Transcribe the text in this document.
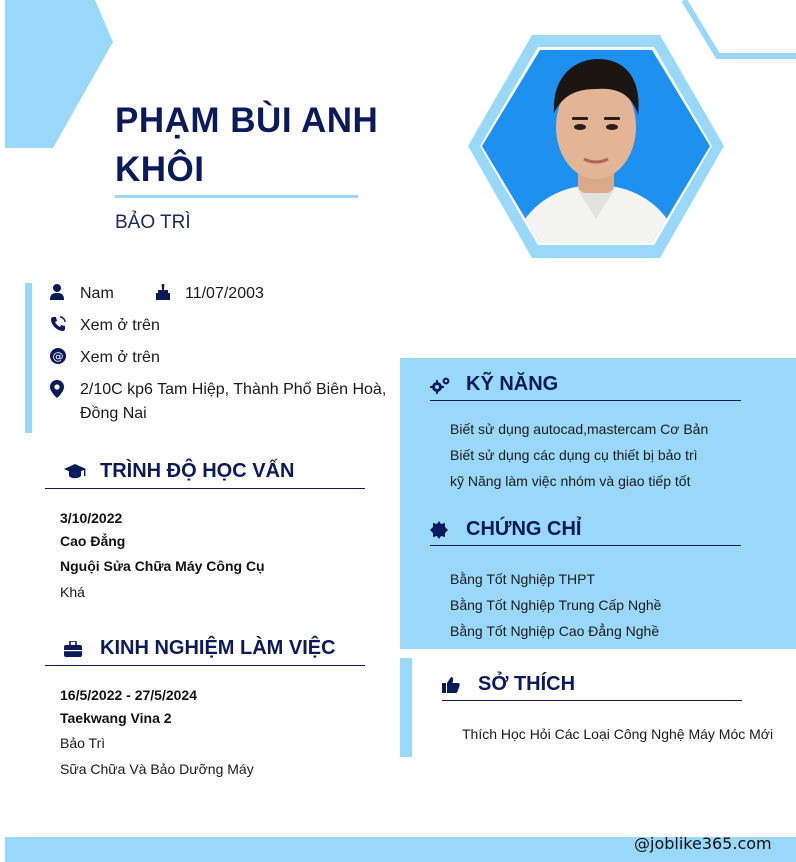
PHẠM BÙI ANH
KHÔI
BẢO TRÌ
Nam	11/07/2003
Xem ở trên
@ Xem ở trên
2/10C kp6 Tam Hiệp, Thành Phố Biên Hoà,
Đồng Nai
TRÌNH ĐỘ HỌC VẤN
3/10/2022
Cao Đẳng
Nguội Sửa Chữa Máy Công Cụ
Khá
KINH NGHIỆM LÀM VIỆC
16/5/2022 - 27/5/2024
Taekwang Vina 2
Bảo Trì
Sữa Chữa Và Bảo Dưỡng Máy
KỸ NĂNG
Biết sử dụng autocad,mastercam Cơ Bản
Biết sử dụng các dụng cụ thiết bị bảo trì
kỹ Năng làm việc nhóm và giao tiếp tốt
CHỨNG CHỈ
Bằng Tốt Nghiệp THPT
Bằng Tốt Nghiệp Trung Cấp Nghề
Bằng Tốt Nghiệp Cao Đẳng Nghề
SỞ THÍCH
Thích Học Hỏi Các Loại Công Nghệ Máy Móc Mới
@joblike365.com
